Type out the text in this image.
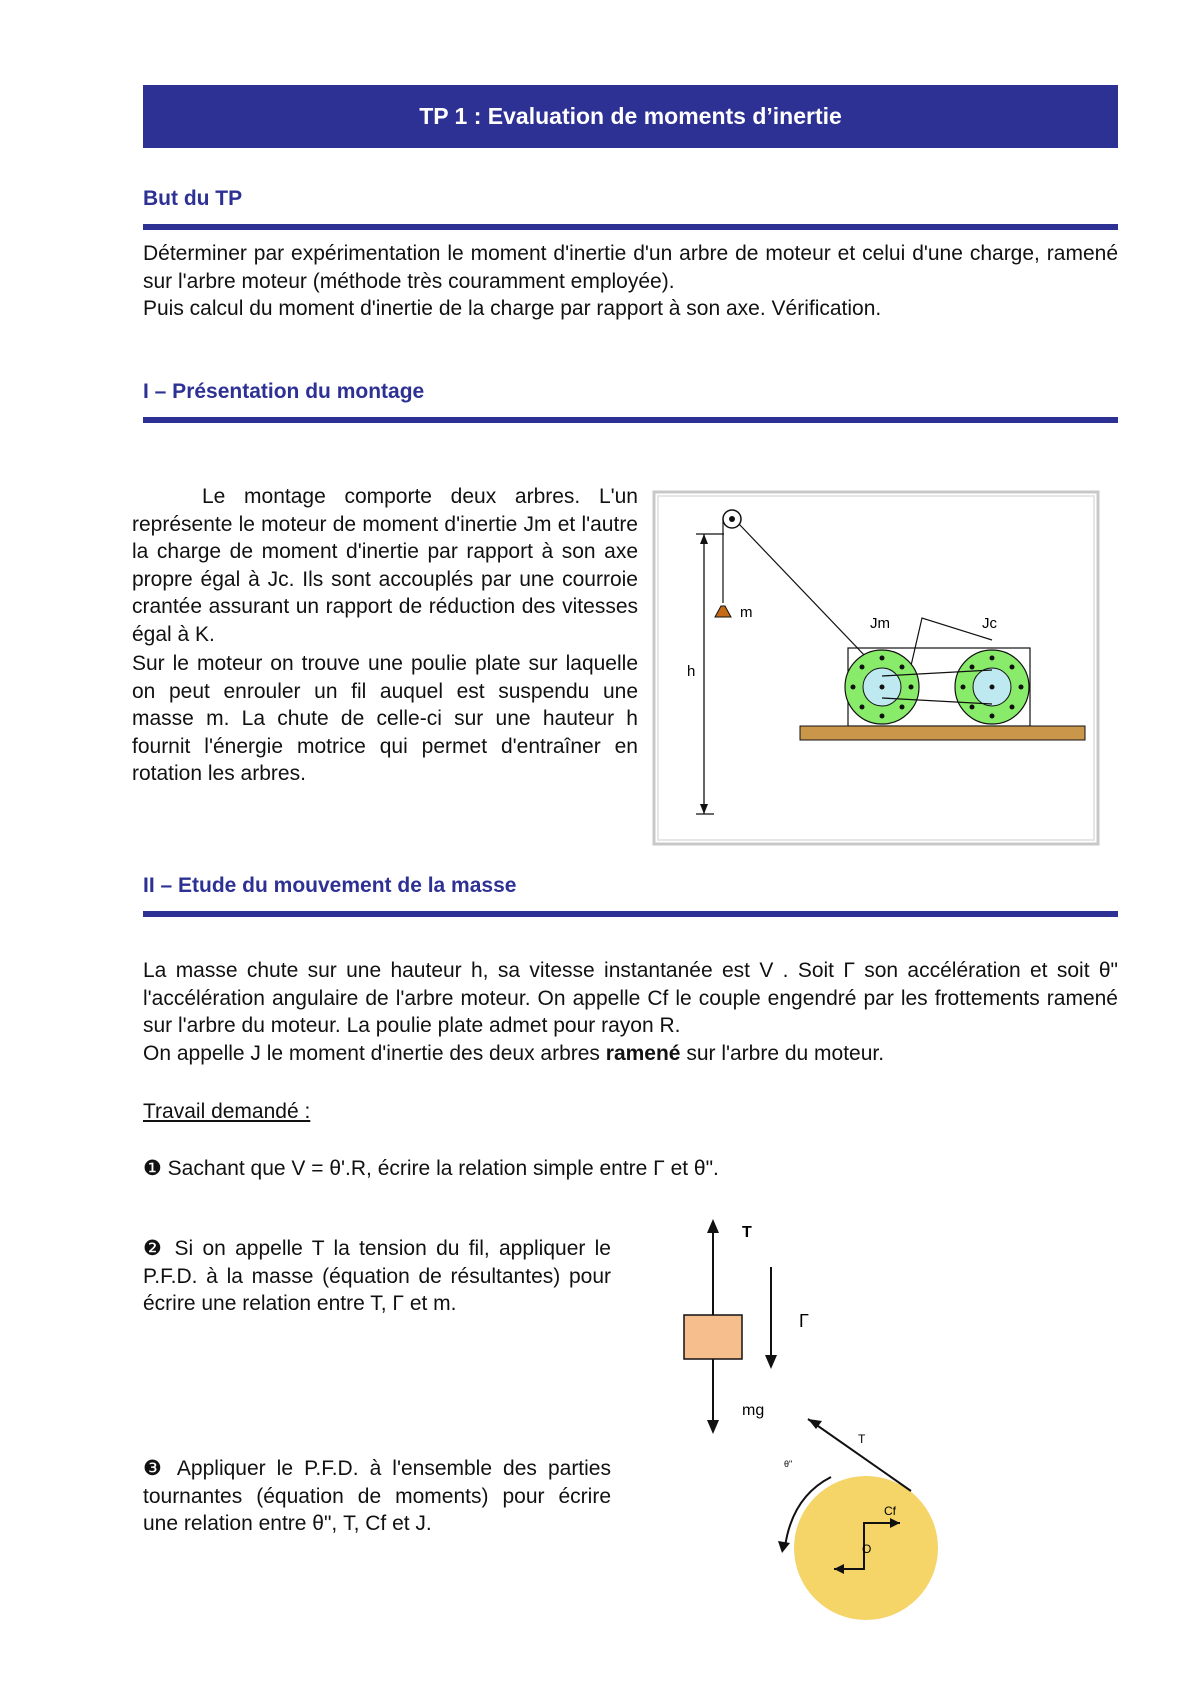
TP 1 : Evaluation de moments d’inertie
But du TP

Déterminer par expérimentation le moment d'inertie d'un arbre de moteur et celui d'une charge, ramené sur l'arbre moteur (méthode très couramment employée).

Puis calcul du moment d'inertie de la charge par rapport à son axe. Vérification.

I – Présentation du montage

Le montage comporte deux arbres. L'un représente le moteur de moment d'inertie Jm et l'autre la charge de moment d'inertie par rapport à son axe propre égal à Jc. Ils sont accouplés par une courroie crantée assurant un rapport de réduction des vitesses égal à K.

Sur le moteur on trouve une poulie plate sur laquelle on peut enrouler un fil auquel est suspendu une masse m. La chute de celle-ci sur une hauteur h fournit l'énergie motrice qui permet d'entraîner en rotation les arbres.

h
m
Jm	Jc
II – Etude du mouvement de la masse

La masse chute sur une hauteur h, sa vitesse instantanée est V . Soit Γ son accélération et soit θ" l'accélération angulaire de l'arbre moteur. On appelle Cf le couple engendré par les frottements ramené sur l'arbre du moteur. La poulie plate admet pour rayon R.

On appelle J le moment d'inertie des deux arbres ramené sur l'arbre du moteur.

Travail demandé :

❶ Sachant que V = θ'.R, écrire la relation simple entre Γ et θ".

❷ Si on appelle T la tension du fil, appliquer le P.F.D. à la masse (équation de résultantes) pour écrire une relation entre T, Γ et m.

❸ Appliquer le P.F.D. à l'ensemble des parties tournantes (équation de moments) pour écrire une relation entre θ", T, Cf et J.

T
mg
Γ
Cf
O
T
θ"
